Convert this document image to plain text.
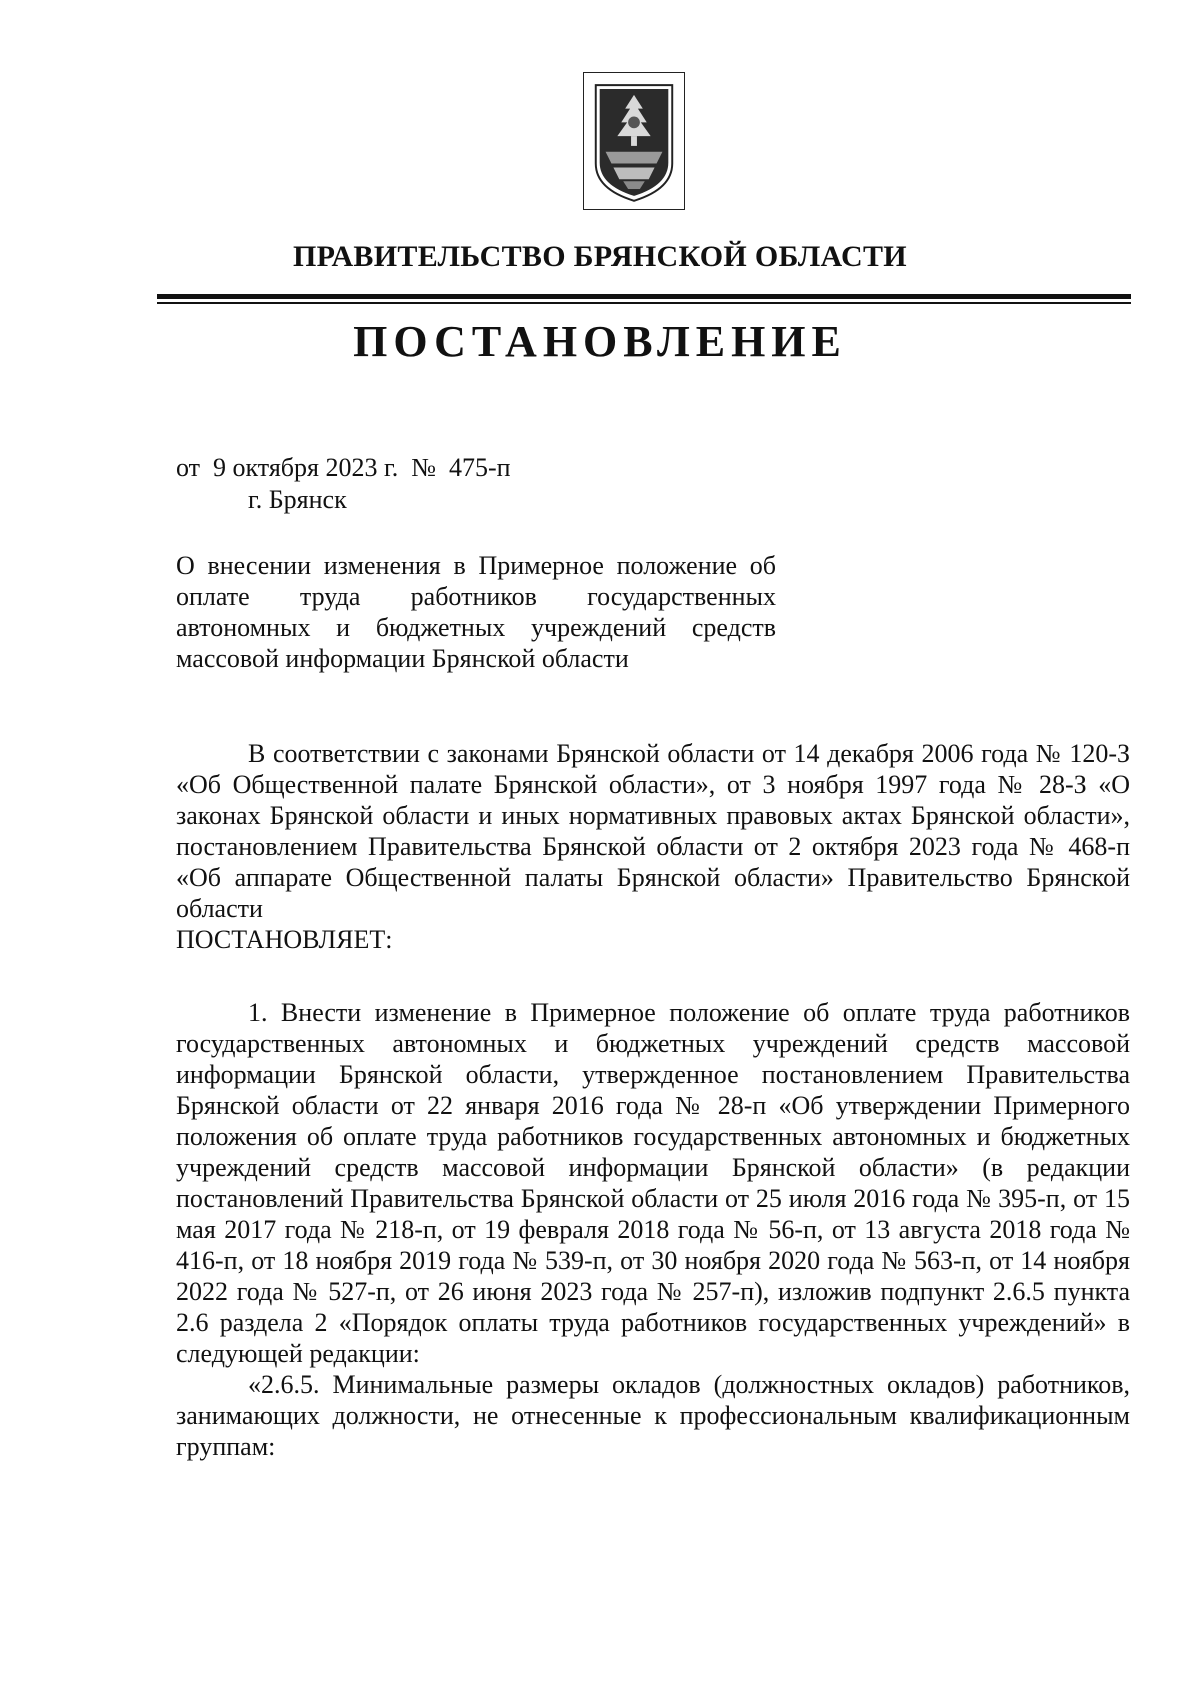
ПРАВИТЕЛЬСТВО БРЯНСКОЙ ОБЛАСТИ
ПОСТАНОВЛЕНИЕ
от  9 октября 2023 г.  №  475-п
г. Брянск
О внесении изменения в Примерное положение об оплате труда работников государственных автономных и бюджетных учреждений средств массовой информации Брянской области

В соответствии с законами Брянской области от 14 декабря 2006 года № 120-З «Об Общественной палате Брянской области», от 3 ноября 1997 года № 28-З «О законах Брянской области и иных нормативных правовых актах Брянской области», постановлением Правительства Брянской области от 2 октября 2023 года № 468-п «Об аппарате Общественной палаты Брянской области» Правительство Брянской области

ПОСТАНОВЛЯЕТ:

1. Внести изменение в Примерное положение об оплате труда работников государственных автономных и бюджетных учреждений средств массовой информации Брянской области, утвержденное постановлением Правительства Брянской области от 22 января 2016 года № 28-п «Об утверждении Примерного положения об оплате труда работников государственных автономных и бюджетных учреждений средств массовой информации Брянской области» (в редакции постановлений Правительства Брянской области от 25 июля 2016 года № 395-п, от 15 мая 2017 года № 218-п, от 19 февраля 2018 года № 56-п, от 13 августа 2018 года № 416-п, от 18 ноября 2019 года № 539-п, от 30 ноября 2020 года № 563-п, от 14 ноября 2022 года № 527-п, от 26 июня 2023 года № 257-п), изложив подпункт 2.6.5 пункта 2.6 раздела 2 «Порядок оплаты труда работников государственных учреждений» в следующей редакции:

«2.6.5. Минимальные размеры окладов (должностных окладов) работников, занимающих должности, не отнесенные к профессиональным квалификационным группам:
